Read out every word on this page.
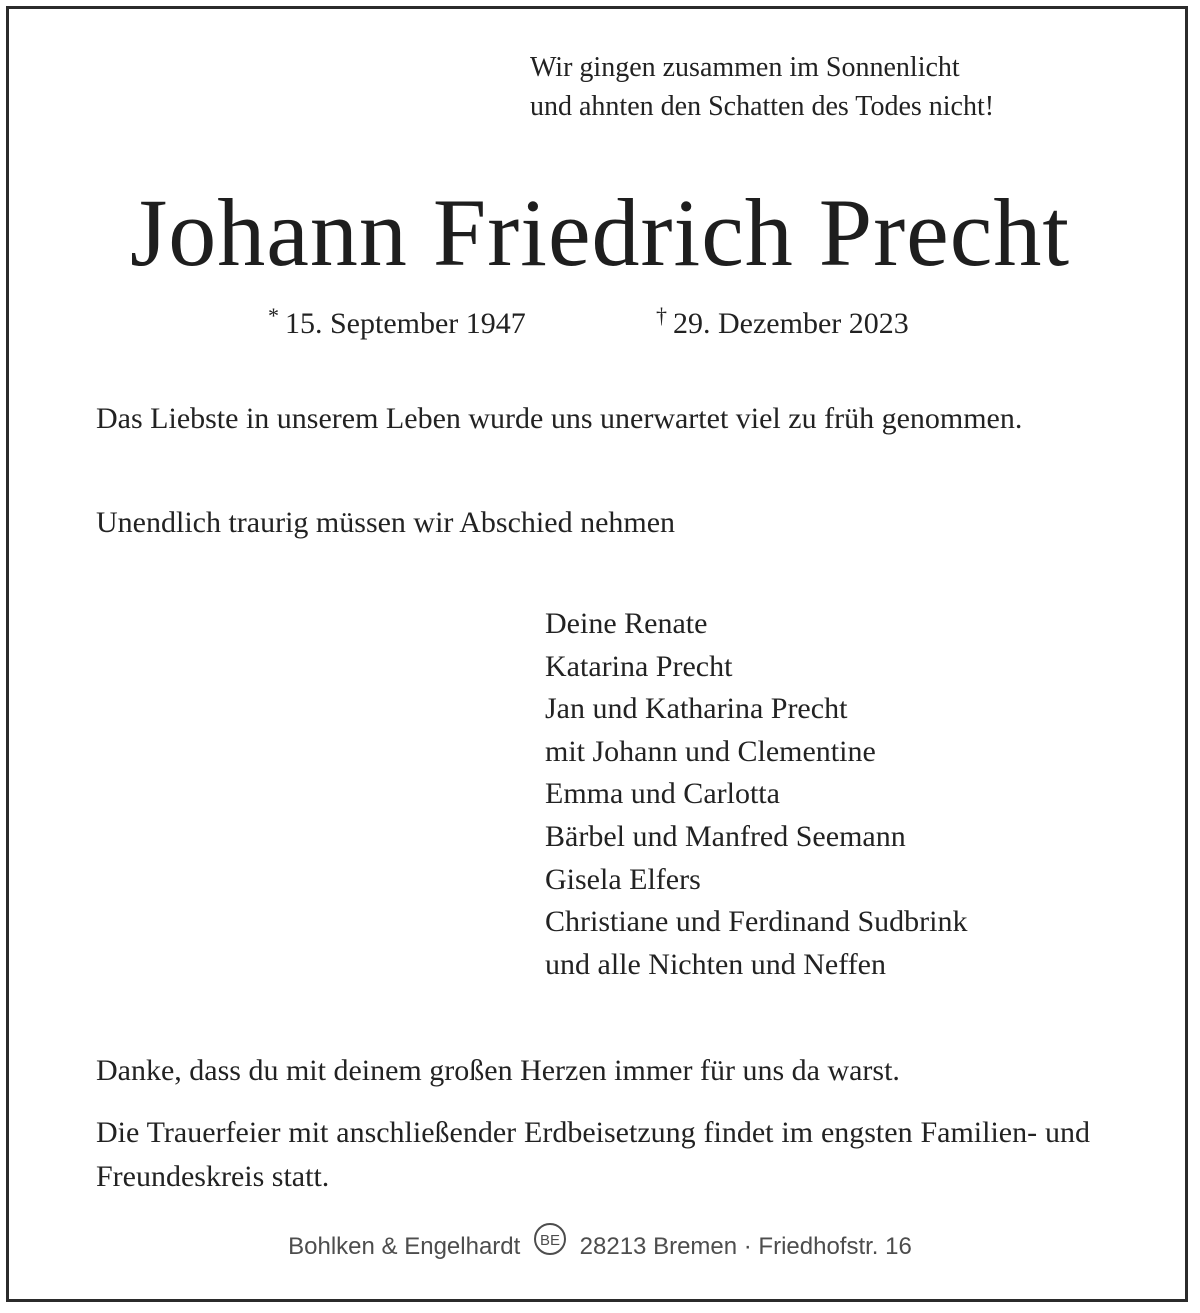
Wir gingen zusammen im Sonnenlicht
und ahnten den Schatten des Todes nicht!
Johann Friedrich Precht
* 15. September 1947	† 29. Dezember 2023
Das Liebste in unserem Leben wurde uns unerwartet viel zu früh genommen.
Unendlich traurig müssen wir Abschied nehmen
Deine Renate
Katarina Precht
Jan und Katharina Precht
mit Johann und Clementine
Emma und Carlotta
Bärbel und Manfred Seemann
Gisela Elfers
Christiane und Ferdinand Sudbrink
und alle Nichten und Neffen
Danke, dass du mit deinem großen Herzen immer für uns da warst.
Die Trauerfeier mit anschließender Erdbeisetzung findet im engsten Familien- und Freundeskreis statt.
Bohlken & Engelhardt BE 28213 Bremen · Friedhofstr. 16
